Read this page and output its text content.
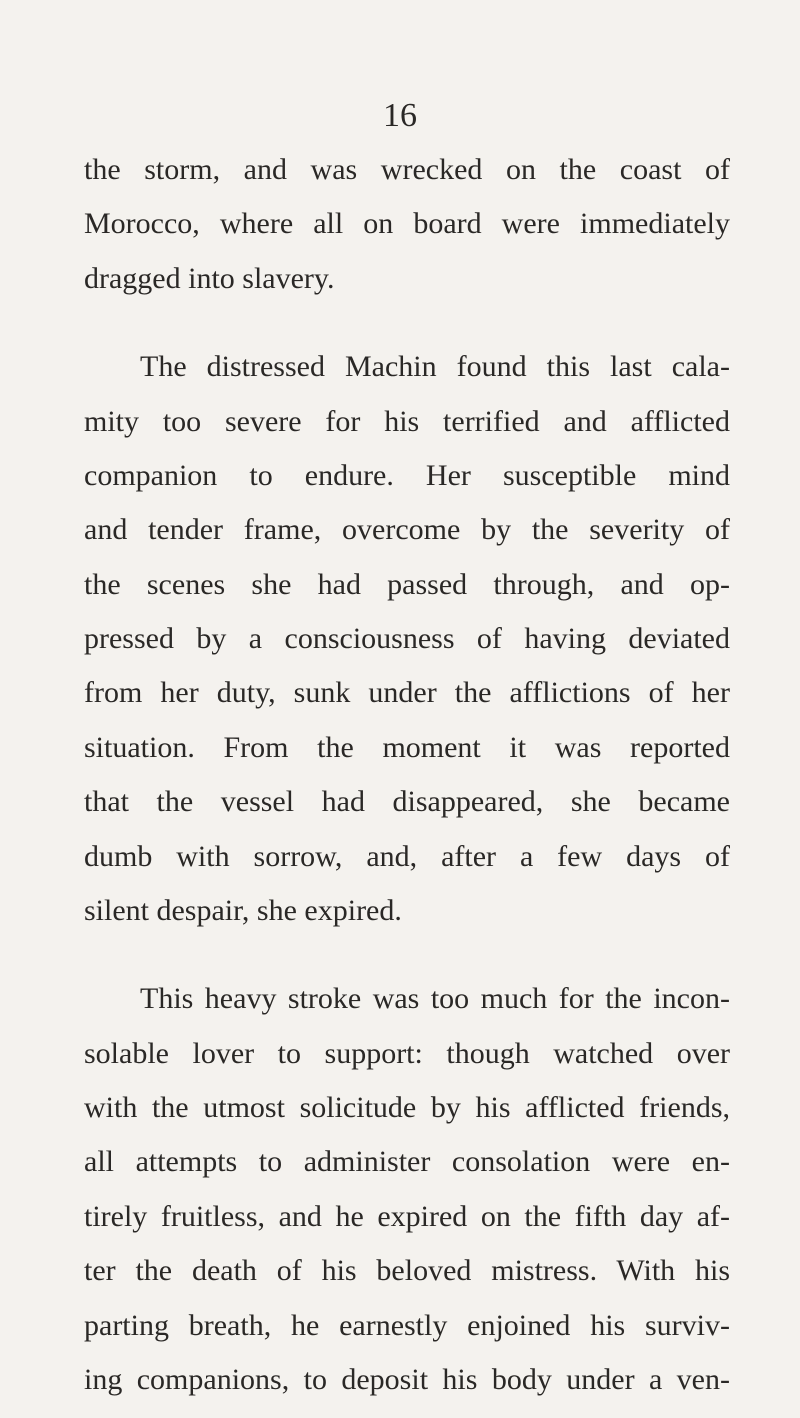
16
the storm, and was wrecked on the coast of
Morocco, where all on board were immediately
dragged into slavery.
The distressed Machin found this last cala-
mity too severe for his terrified and afflicted
companion to endure. Her susceptible mind
and tender frame, overcome by the severity of
the scenes she had passed through, and op-
pressed by a consciousness of having deviated
from her duty, sunk under the afflictions of her
situation. From the moment it was reported
that the vessel had disappeared, she became
dumb with sorrow, and, after a few days of
silent despair, she expired.
This heavy stroke was too much for the incon-
solable lover to support: though watched over
with the utmost solicitude by his afflicted friends,
all attempts to administer consolation were en-
tirely fruitless, and he expired on the fifth day af-
ter the death of his beloved mistress. With his
parting breath, he earnestly enjoined his surviv-
ing companions, to deposit his body under a ven-
